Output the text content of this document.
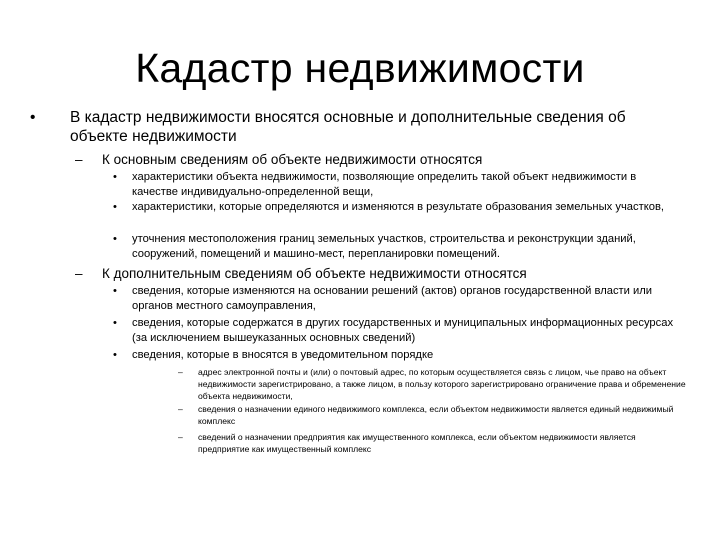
Кадастр недвижимости
•	В кадастр недвижимости вносятся основные и дополнительные сведения об объекте недвижимости
–	К основным сведениям об объекте недвижимости относятся
•	характеристики объекта недвижимости, позволяющие определить такой объект недвижимости в качестве индивидуально-определенной вещи,
•	характеристики, которые определяются и изменяются в результате образования земельных участков,
•	уточнения местоположения границ земельных участков, строительства и реконструкции зданий, сооружений, помещений и машино-мест, перепланировки помещений.
–	К дополнительным сведениям об объекте недвижимости относятся
•	сведения, которые изменяются на основании решений (актов) органов государственной власти или органов местного самоуправления,
•	сведения, которые содержатся в других государственных и муниципальных информационных ресурсах (за исключением вышеуказанных основных сведений)
•	сведения, которые в вносятся в уведомительном порядке
–	адрес электронной почты и (или) о почтовый адрес, по которым осуществляется связь с лицом, чье право на объект недвижимости зарегистрировано, а также лицом, в пользу которого зарегистрировано ограничение права и обременение объекта недвижимости,
–	сведения о назначении единого недвижимого комплекса, если объектом недвижимости является единый недвижимый комплекс
–	сведений о назначении предприятия как имущественного комплекса, если объектом недвижимости является предприятие как имущественный комплекс
